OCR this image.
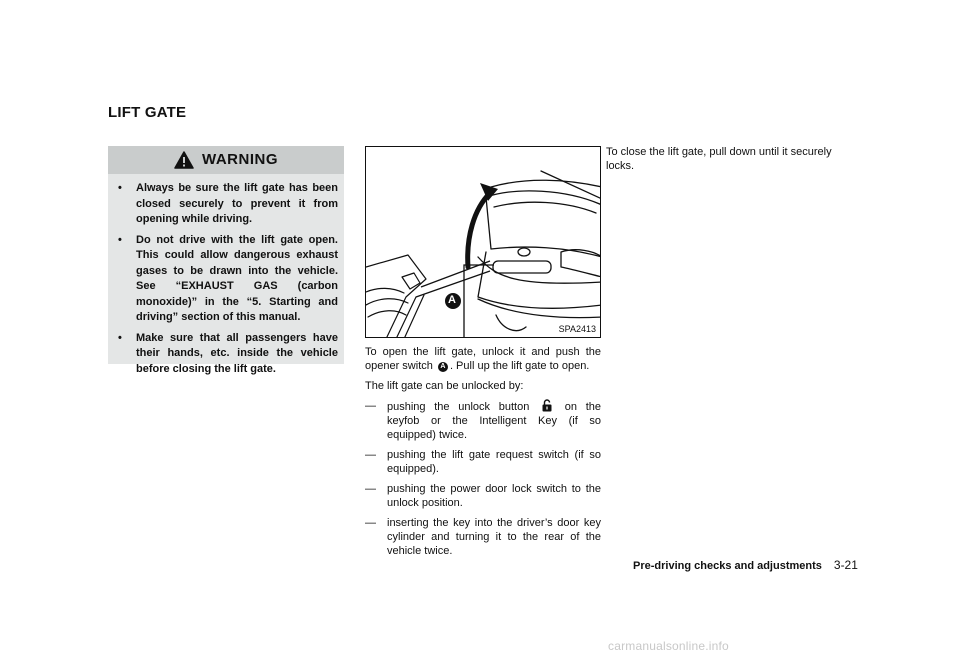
LIFT GATE
WARNING
• Always be sure the lift gate has been closed securely to prevent it from opening while driving.
• Do not drive with the lift gate open. This could allow dangerous exhaust gases to be drawn into the vehicle. See “EXHAUST GAS (carbon monoxide)” in the “5. Starting and driving” section of this manual.
• Make sure that all passengers have their hands, etc. inside the vehicle before closing the lift gate.
A
SPA2413

To open the lift gate, unlock it and push the opener switch A . Pull up the lift gate to open.

The lift gate can be unlocked by:

— pushing the unlock button	on the keyfob or the Intelligent Key (if so equipped) twice.
— pushing the lift gate request switch (if so equipped).
— pushing the power door lock switch to the unlock position.
— inserting the key into the driver’s door key cylinder and turning it to the rear of the vehicle twice.

To close the lift gate, pull down until it securely locks.

Pre-driving checks and adjustments 3-21
carmanualsonline.info
